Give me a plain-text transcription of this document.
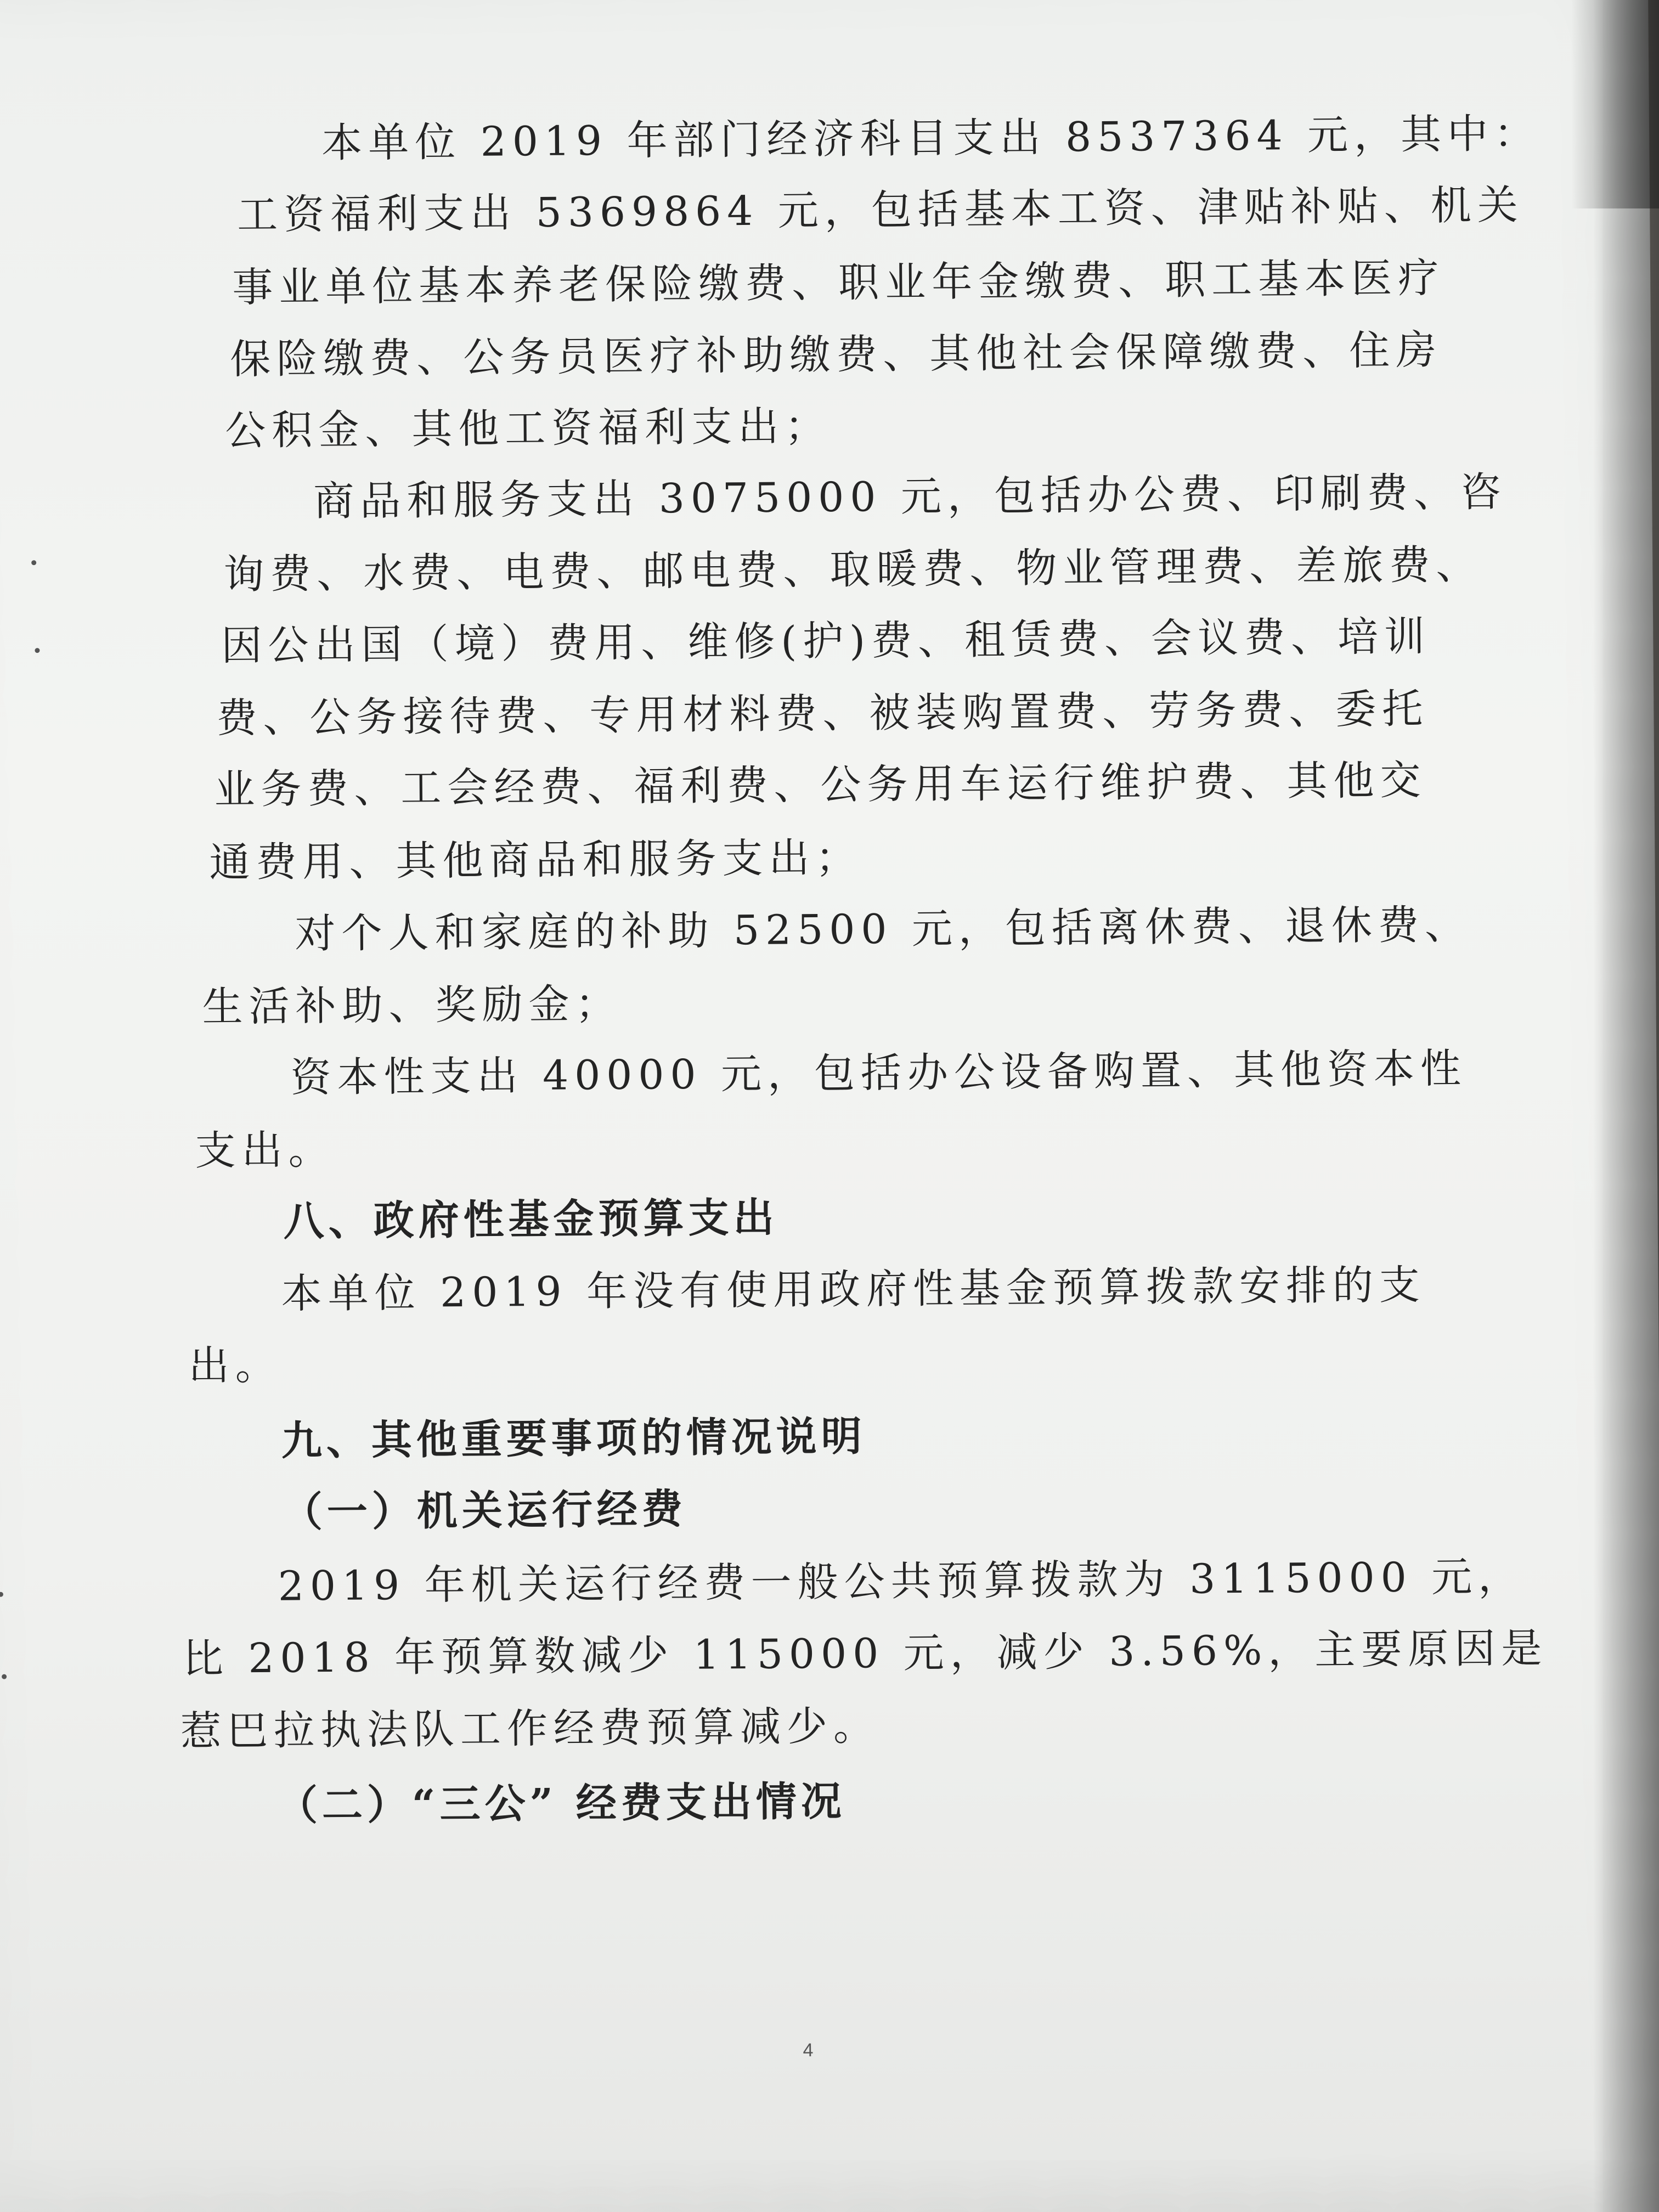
本单位 2019 年部门经济科目支出 8537364 元，其中：
工资福利支出 5369864 元，包括基本工资、津贴补贴、机关
事业单位基本养老保险缴费、职业年金缴费、职工基本医疗
保险缴费、公务员医疗补助缴费、其他社会保障缴费、住房
公积金、其他工资福利支出；
商品和服务支出 3075000 元，包括办公费、印刷费、咨
询费、水费、电费、邮电费、取暖费、物业管理费、差旅费、
因公出国（境）费用、维修(护)费、租赁费、会议费、培训
费、公务接待费、专用材料费、被装购置费、劳务费、委托
业务费、工会经费、福利费、公务用车运行维护费、其他交
通费用、其他商品和服务支出；
对个人和家庭的补助 52500 元，包括离休费、退休费、
生活补助、奖励金；
资本性支出 40000 元，包括办公设备购置、其他资本性
支出。
八、政府性基金预算支出
本单位 2019 年没有使用政府性基金预算拨款安排的支
出。
九、其他重要事项的情况说明
（一）机关运行经费
2019 年机关运行经费一般公共预算拨款为 3115000 元，
比 2018 年预算数减少 115000 元，减少 3.56%，主要原因是
惹巴拉执法队工作经费预算减少。
（二）“三公” 经费支出情况
4
